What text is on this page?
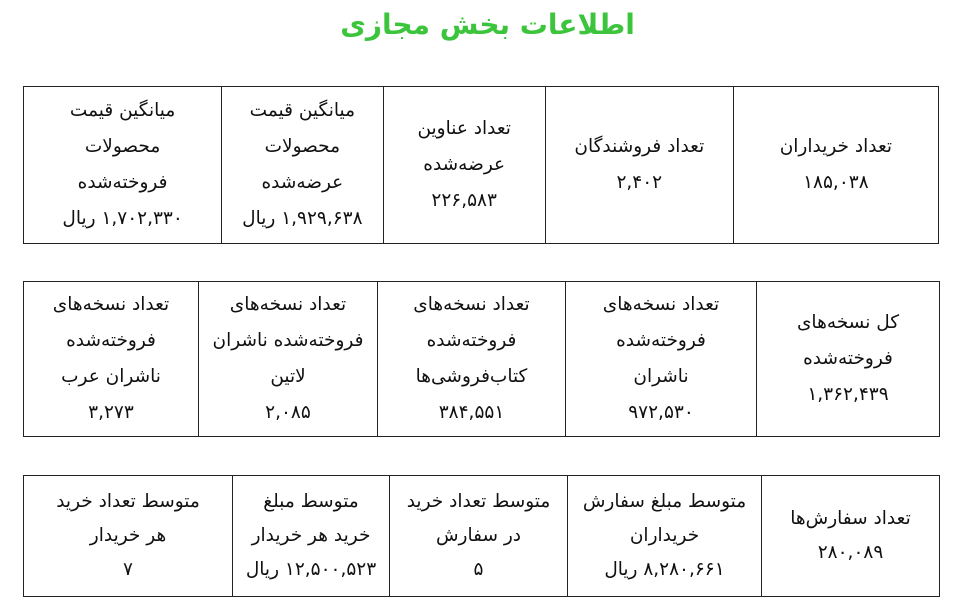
اطلاعات بخش مجازی
تعداد خریداران
۱۸۵,۰۳۸

تعداد فروشندگان
۲,۴۰۲

تعداد عناوین
عرضه‌شده
۲۲۶,۵۸۳

میانگین قیمت
محصولات
عرضه‌شده
۱,۹۲۹,۶۳۸ ریال

میانگین قیمت
محصولات
فروخته‌شده
۱,۷۰۲,۳۳۰ ریال
کل نسخه‌های
فروخته‌شده
۱,۳۶۲,۴۳۹

تعداد نسخه‌های
فروخته‌شده
ناشران
۹۷۲,۵۳۰

تعداد نسخه‌های
فروخته‌شده
کتاب‌فروشی‌ها
۳۸۴,۵۵۱

تعداد نسخه‌های
فروخته‌شده ناشران
لاتین
۲,۰۸۵

تعداد نسخه‌های
فروخته‌شده
ناشران عرب
۳,۲۷۳
تعداد سفارش‌ها
۲۸۰,۰۸۹

متوسط مبلغ سفارش
خریداران
۸,۲۸۰,۶۶۱ ریال

متوسط تعداد خرید
در سفارش
۵

متوسط مبلغ
خرید هر خریدار
۱۲,۵۰۰,۵۲۳ ریال

متوسط تعداد خرید
هر خریدار
۷
